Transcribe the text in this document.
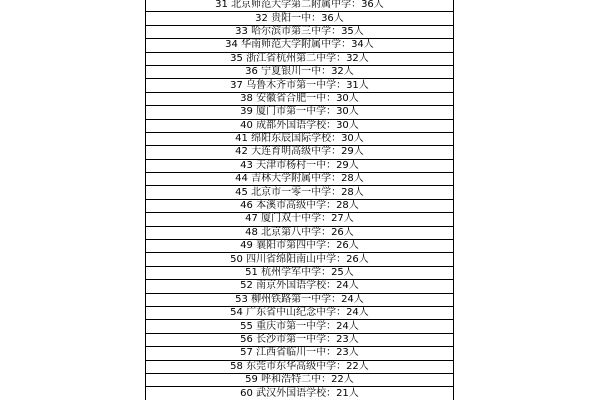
31 北京师范大学第二附属中学：36人
32 贵阳一中：36人
33 哈尔滨市第三中学：35人
34 华南师范大学附属中学：34人
35 浙江省杭州第二中学：32人
36 宁夏银川一中：32人
37 乌鲁木齐市第一中学：31人
38 安徽省合肥一中：30人
39 厦门市第一中学：30人
40 成都外国语学校：30人
41 绵阳东辰国际学校：30人
42 大连育明高级中学：29人
43 天津市杨村一中：29人
44 吉林大学附属中学：28人
45 北京市一零一中学：28人
46 本溪市高级中学：28人
47 厦门双十中学：27人
48 北京第八中学：26人
49 襄阳市第四中学：26人
50 四川省绵阳南山中学：26人
51 杭州学军中学：25人
52 南京外国语学校：24人
53 柳州铁路第一中学：24人
54 广东省中山纪念中学：24人
55 重庆市第一中学：24人
56 长沙市第一中学：23人
57 江西省临川一中：23人
58 东莞市东华高级中学：22人
59 呼和浩特二中：22人
60 武汉外国语学校：21人
